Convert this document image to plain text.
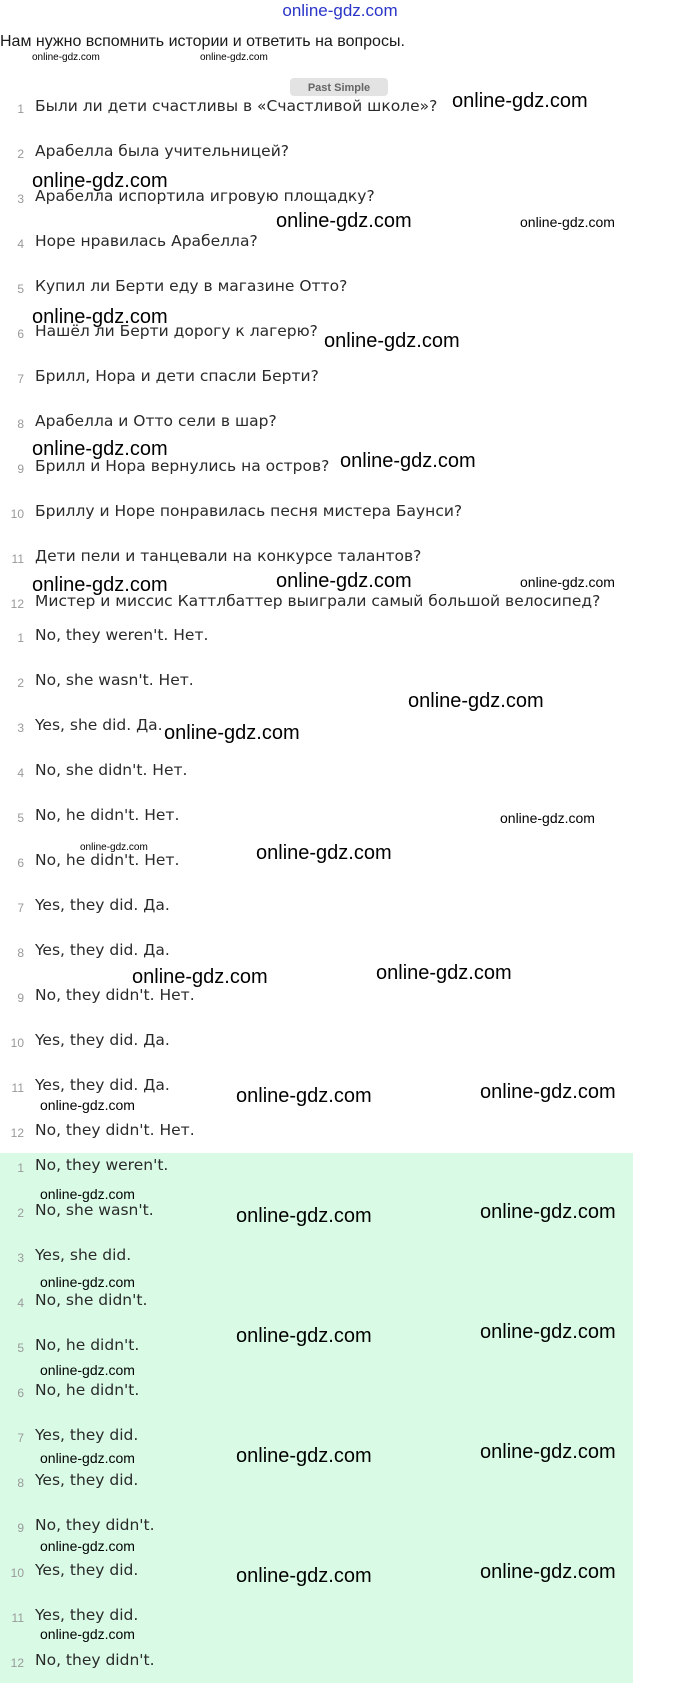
online-gdz.com
Нам нужно вспомнить истории и ответить на вопросы.
Past Simple
1 Были ли дети счастливы в «Счастливой школе»?
2 Арабелла была учительницей?
3 Арабелла испортила игровую площадку?
4 Норе нравилась Арабелла?
5 Купил ли Берти еду в магазине Отто?
6 Нашёл ли Берти дорогу к лагерю?
7 Брилл, Нора и дети спасли Берти?
8 Арабелла и Отто сели в шар?
9 Брилл и Нора вернулись на остров?
10 Бриллу и Норе понравилась песня мистера Баунси?
11 Дети пели и танцевали на конкурсе талантов?
12 Мистер и миссис Каттлбаттер выиграли самый большой велосипед?
1 No, they weren't. Нет.
2 No, she wasn't. Нет.
3 Yes, she did. Да.
4 No, she didn't. Нет.
5 No, he didn't. Нет.
6 No, he didn't. Нет.
7 Yes, they did. Да.
8 Yes, they did. Да.
9 No, they didn't. Нет.
10 Yes, they did. Да.
11 Yes, they did. Да.
12 No, they didn't. Нет.
1 No, they weren't.
2 No, she wasn't.
3 Yes, she did.
4 No, she didn't.
5 No, he didn't.
6 No, he didn't.
7 Yes, they did.
8 Yes, they did.
9 No, they didn't.
10 Yes, they did.
11 Yes, they did.
12 No, they didn't.
online-gdz.com	online-gdz.com
online-gdz.com
online-gdz.com
online-gdz.com	online-gdz.com
online-gdz.com
online-gdz.com
online-gdz.com
online-gdz.com
online-gdz.com	online-gdz.com	online-gdz.com
online-gdz.com
online-gdz.com
online-gdz.com
online-gdz.com	online-gdz.com
online-gdz.com	online-gdz.com
online-gdz.com	online-gdz.com	online-gdz.com
online-gdz.com
online-gdz.com	online-gdz.com
online-gdz.com
online-gdz.com	online-gdz.com
online-gdz.com
online-gdz.com	online-gdz.com
online-gdz.com
online-gdz.com
online-gdz.com	online-gdz.com
online-gdz.com
